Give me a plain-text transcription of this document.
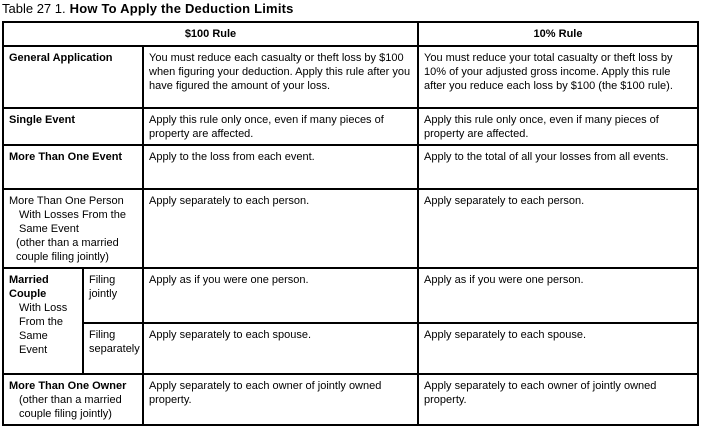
Table 27 1. How To Apply the Deduction Limits
$100 Rule			10% Rule
General Application		You must reduce each casualty or theft loss by $100 when figuring your deduction. Apply this rule after you have figured the amount of your loss.	You must reduce your total casualty or theft loss by 10% of your adjusted gross income. Apply this rule after you reduce each loss by $100 (the $100 rule).
Single Event		Apply this rule only once, even if many pieces of property are affected.	Apply this rule only once, even if many pieces of property are affected.
More Than One Event		Apply to the loss from each event.	Apply to the total of all your losses from all events.

More Than One Person
With Losses From the
Same Event
(other than a married
couple filing jointly)		Apply separately to each person.	Apply separately to each person.

Married Couple
With Loss
From the
Same Event	Filing jointly	Apply as if you were one person.	Apply as if you were one person.
	Filing separately	Apply separately to each spouse.	Apply separately to each spouse.

More Than One Owner
(other than a married
couple filing jointly)		Apply separately to each owner of jointly owned property.	Apply separately to each owner of jointly owned property.
